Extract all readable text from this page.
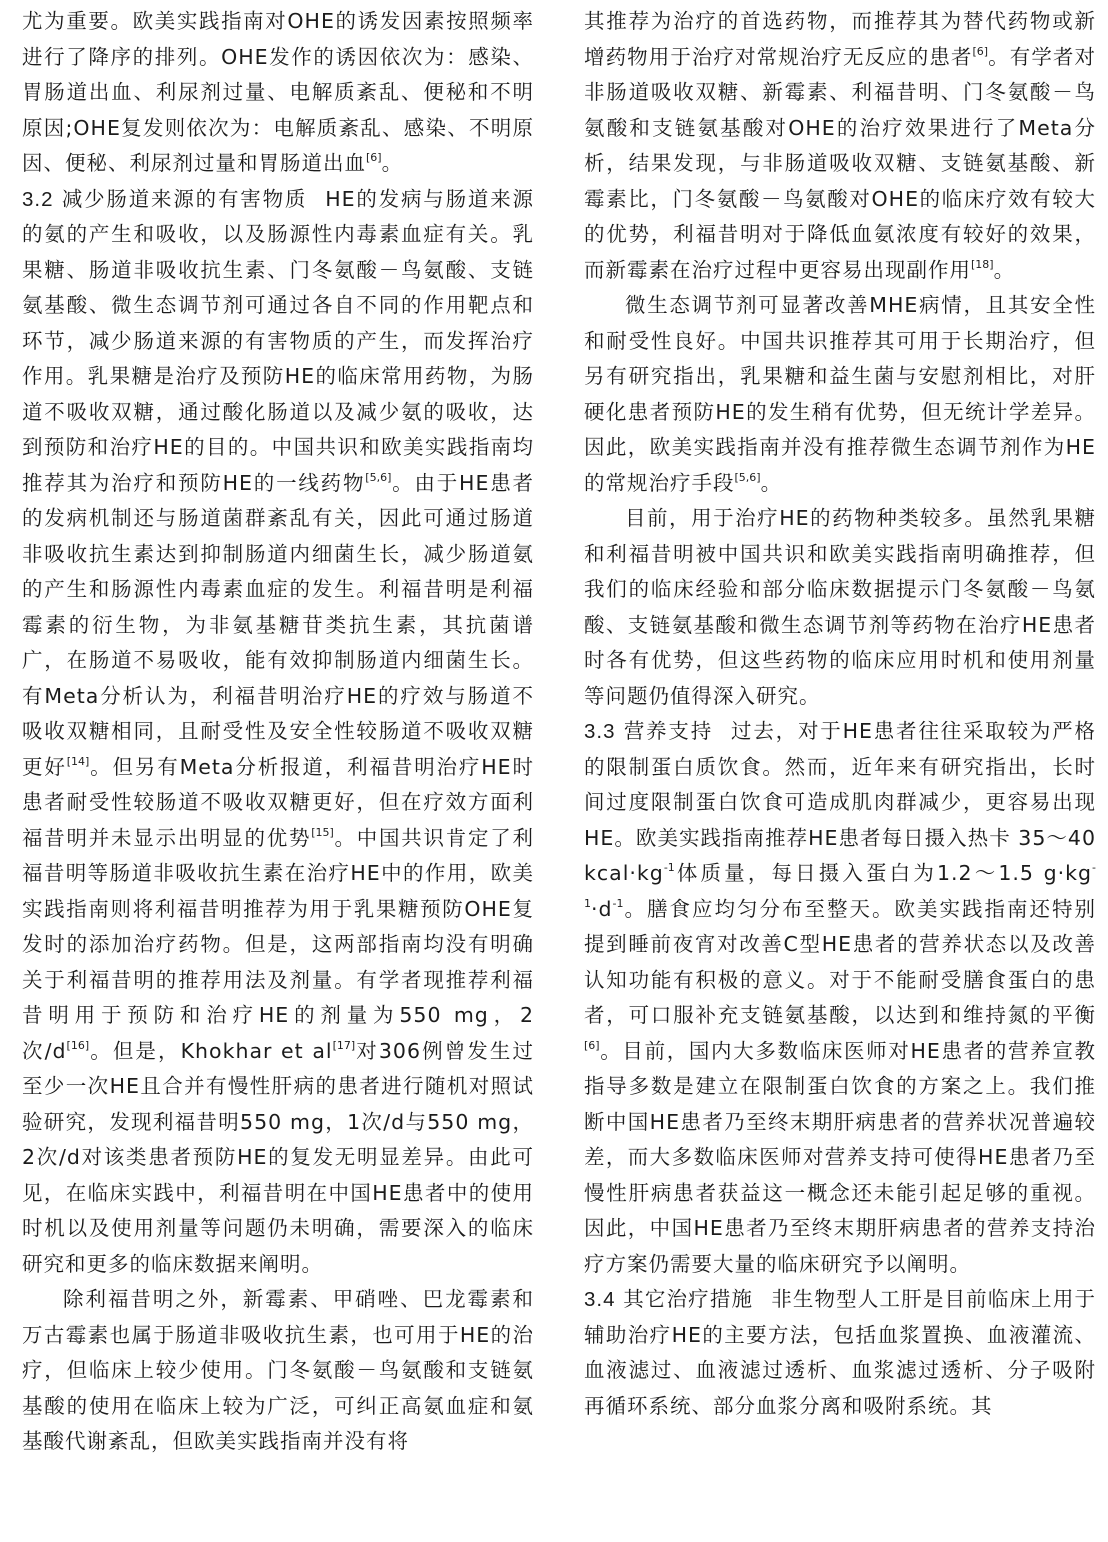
尤为重要。欧美实践指南对OHE的诱发因素按照频率进行了降序的排列。OHE发作的诱因依次为：感染、胃肠道出血、利尿剂过量、电解质紊乱、便秘和不明原因;OHE复发则依次为：电解质紊乱、感染、不明原因、便秘、利尿剂过量和胃肠道出血[6]。

3.2 减少肠道来源的有害物质 HE的发病与肠道来源的氨的产生和吸收，以及肠源性内毒素血症有关。乳果糖、肠道非吸收抗生素、门冬氨酸－鸟氨酸、支链氨基酸、微生态调节剂可通过各自不同的作用靶点和环节，减少肠道来源的有害物质的产生，而发挥治疗作用。乳果糖是治疗及预防HE的临床常用药物，为肠道不吸收双糖，通过酸化肠道以及减少氨的吸收，达到预防和治疗HE的目的。中国共识和欧美实践指南均推荐其为治疗和预防HE的一线药物[5,6]。由于HE患者的发病机制还与肠道菌群紊乱有关，因此可通过肠道非吸收抗生素达到抑制肠道内细菌生长，减少肠道氨的产生和肠源性内毒素血症的发生。利福昔明是利福霉素的衍生物，为非氨基糖苷类抗生素，其抗菌谱广，在肠道不易吸收，能有效抑制肠道内细菌生长。有Meta分析认为，利福昔明治疗HE的疗效与肠道不吸收双糖相同，且耐受性及安全性较肠道不吸收双糖更好[14]。但另有Meta分析报道，利福昔明治疗HE时患者耐受性较肠道不吸收双糖更好，但在疗效方面利福昔明并未显示出明显的优势[15]。中国共识肯定了利福昔明等肠道非吸收抗生素在治疗HE中的作用，欧美实践指南则将利福昔明推荐为用于乳果糖预防OHE复发时的添加治疗药物。但是，这两部指南均没有明确关于利福昔明的推荐用法及剂量。有学者现推荐利福昔明用于预防和治疗HE的剂量为550 mg，2次/d[16]。但是，Khokhar et al[17]对306例曾发生过至少一次HE且合并有慢性肝病的患者进行随机对照试验研究，发现利福昔明550 mg，1次/d与550 mg，2次/d对该类患者预防HE的复发无明显差异。由此可见，在临床实践中，利福昔明在中国HE患者中的使用时机以及使用剂量等问题仍未明确，需要深入的临床研究和更多的临床数据来阐明。

除利福昔明之外，新霉素、甲硝唑、巴龙霉素和万古霉素也属于肠道非吸收抗生素，也可用于HE的治疗，但临床上较少使用。门冬氨酸－鸟氨酸和支链氨基酸的使用在临床上较为广泛，可纠正高氨血症和氨基酸代谢紊乱，但欧美实践指南并没有将

其推荐为治疗的首选药物，而推荐其为替代药物或新增药物用于治疗对常规治疗无反应的患者[6]。有学者对非肠道吸收双糖、新霉素、利福昔明、门冬氨酸－鸟氨酸和支链氨基酸对OHE的治疗效果进行了Meta分析，结果发现，与非肠道吸收双糖、支链氨基酸、新霉素比，门冬氨酸－鸟氨酸对OHE的临床疗效有较大的优势，利福昔明对于降低血氨浓度有较好的效果，而新霉素在治疗过程中更容易出现副作用[18]。

微生态调节剂可显著改善MHE病情，且其安全性和耐受性良好。中国共识推荐其可用于长期治疗，但另有研究指出，乳果糖和益生菌与安慰剂相比，对肝硬化患者预防HE的发生稍有优势，但无统计学差异。因此，欧美实践指南并没有推荐微生态调节剂作为HE的常规治疗手段[5,6]。

目前，用于治疗HE的药物种类较多。虽然乳果糖和利福昔明被中国共识和欧美实践指南明确推荐，但我们的临床经验和部分临床数据提示门冬氨酸－鸟氨酸、支链氨基酸和微生态调节剂等药物在治疗HE患者时各有优势，但这些药物的临床应用时机和使用剂量等问题仍值得深入研究。

3.3 营养支持 过去，对于HE患者往往采取较为严格的限制蛋白质饮食。然而，近年来有研究指出，长时间过度限制蛋白饮食可造成肌肉群减少，更容易出现HE。欧美实践指南推荐HE患者每日摄入热卡 35～40 $kcal\cdot kg^{-1}$体质量，每日摄入蛋白为1.2～1.5 $g\cdot kg^{-1}\cdot d^{-1}$。膳食应均匀分布至整天。欧美实践指南还特别提到睡前夜宵对改善C型HE患者的营养状态以及改善认知功能有积极的意义。对于不能耐受膳食蛋白的患者，可口服补充支链氨基酸，以达到和维持氮的平衡[6]。目前，国内大多数临床医师对HE患者的营养宣教指导多数是建立在限制蛋白饮食的方案之上。我们推断中国HE患者乃至终末期肝病患者的营养状况普遍较差，而大多数临床医师对营养支持可使得HE患者乃至慢性肝病患者获益这一概念还未能引起足够的重视。因此，中国HE患者乃至终末期肝病患者的营养支持治疗方案仍需要大量的临床研究予以阐明。

3.4 其它治疗措施 非生物型人工肝是目前临床上用于辅助治疗HE的主要方法，包括血浆置换、血液灌流、血液滤过、血液滤过透析、血浆滤过透析、分子吸附再循环系统、部分血浆分离和吸附系统。其
